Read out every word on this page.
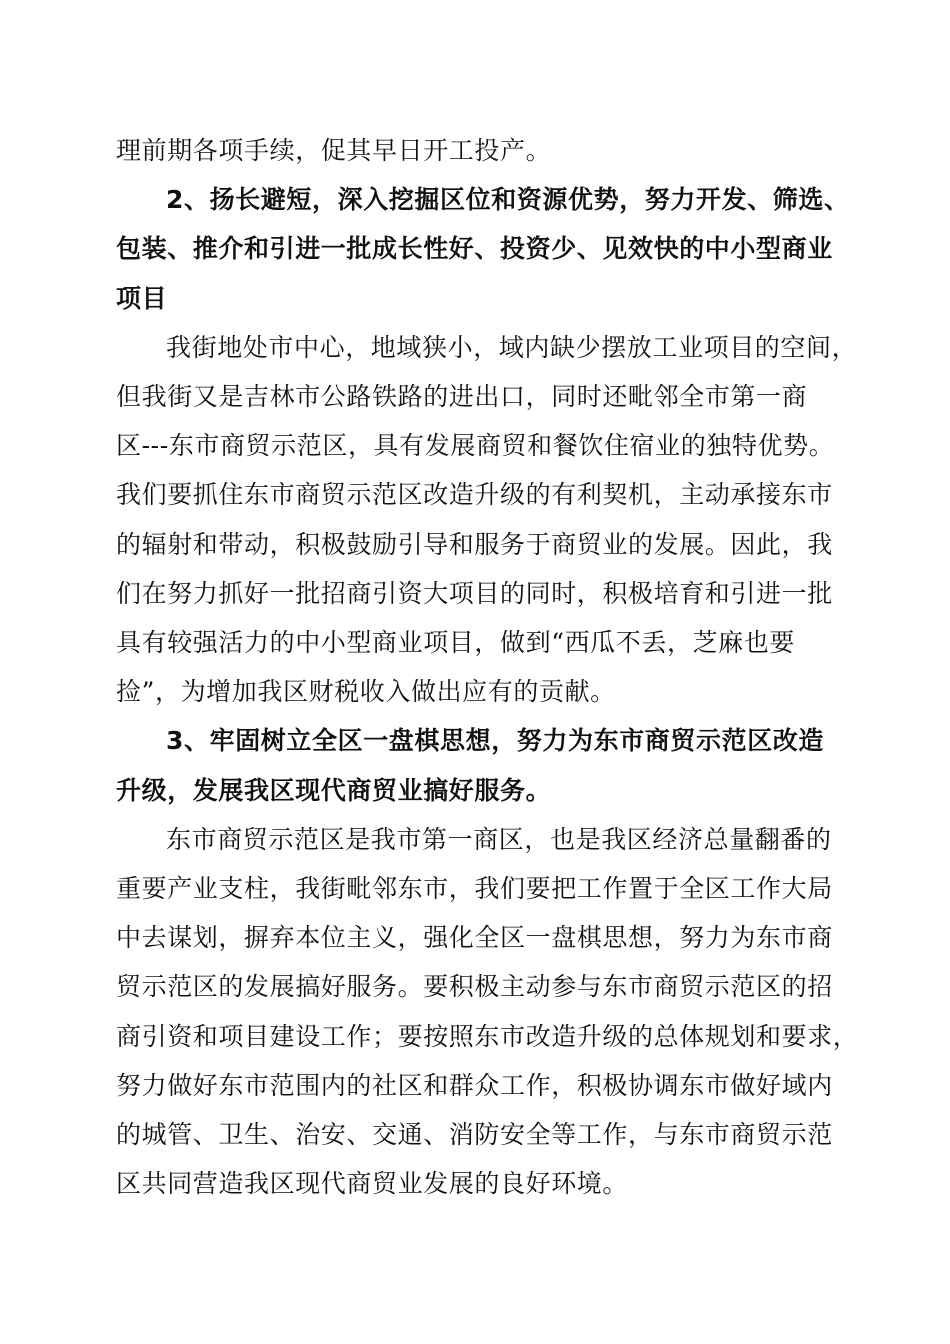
理前期各项手续，促其早日开工投产。

2、扬长避短，深入挖掘区位和资源优势，努力开发、筛选、
包装、推介和引进一批成长性好、投资少、见效快的中小型商业
项目

我街地处市中心，地域狭小，域内缺少摆放工业项目的空间，
但我街又是吉林市公路铁路的进出口，同时还毗邻全市第一商
区---东市商贸示范区，具有发展商贸和餐饮住宿业的独特优势。
我们要抓住东市商贸示范区改造升级的有利契机，主动承接东市
的辐射和带动，积极鼓励引导和服务于商贸业的发展。因此，我
们在努力抓好一批招商引资大项目的同时，积极培育和引进一批
具有较强活力的中小型商业项目，做到“西瓜不丢，芝麻也要
捡”，为增加我区财税收入做出应有的贡献。

3、牢固树立全区一盘棋思想，努力为东市商贸示范区改造
升级，发展我区现代商贸业搞好服务。

东市商贸示范区是我市第一商区，也是我区经济总量翻番的
重要产业支柱，我街毗邻东市，我们要把工作置于全区工作大局
中去谋划，摒弃本位主义，强化全区一盘棋思想，努力为东市商
贸示范区的发展搞好服务。要积极主动参与东市商贸示范区的招
商引资和项目建设工作；要按照东市改造升级的总体规划和要求，
努力做好东市范围内的社区和群众工作，积极协调东市做好域内
的城管、卫生、治安、交通、消防安全等工作，与东市商贸示范
区共同营造我区现代商贸业发展的良好环境。
